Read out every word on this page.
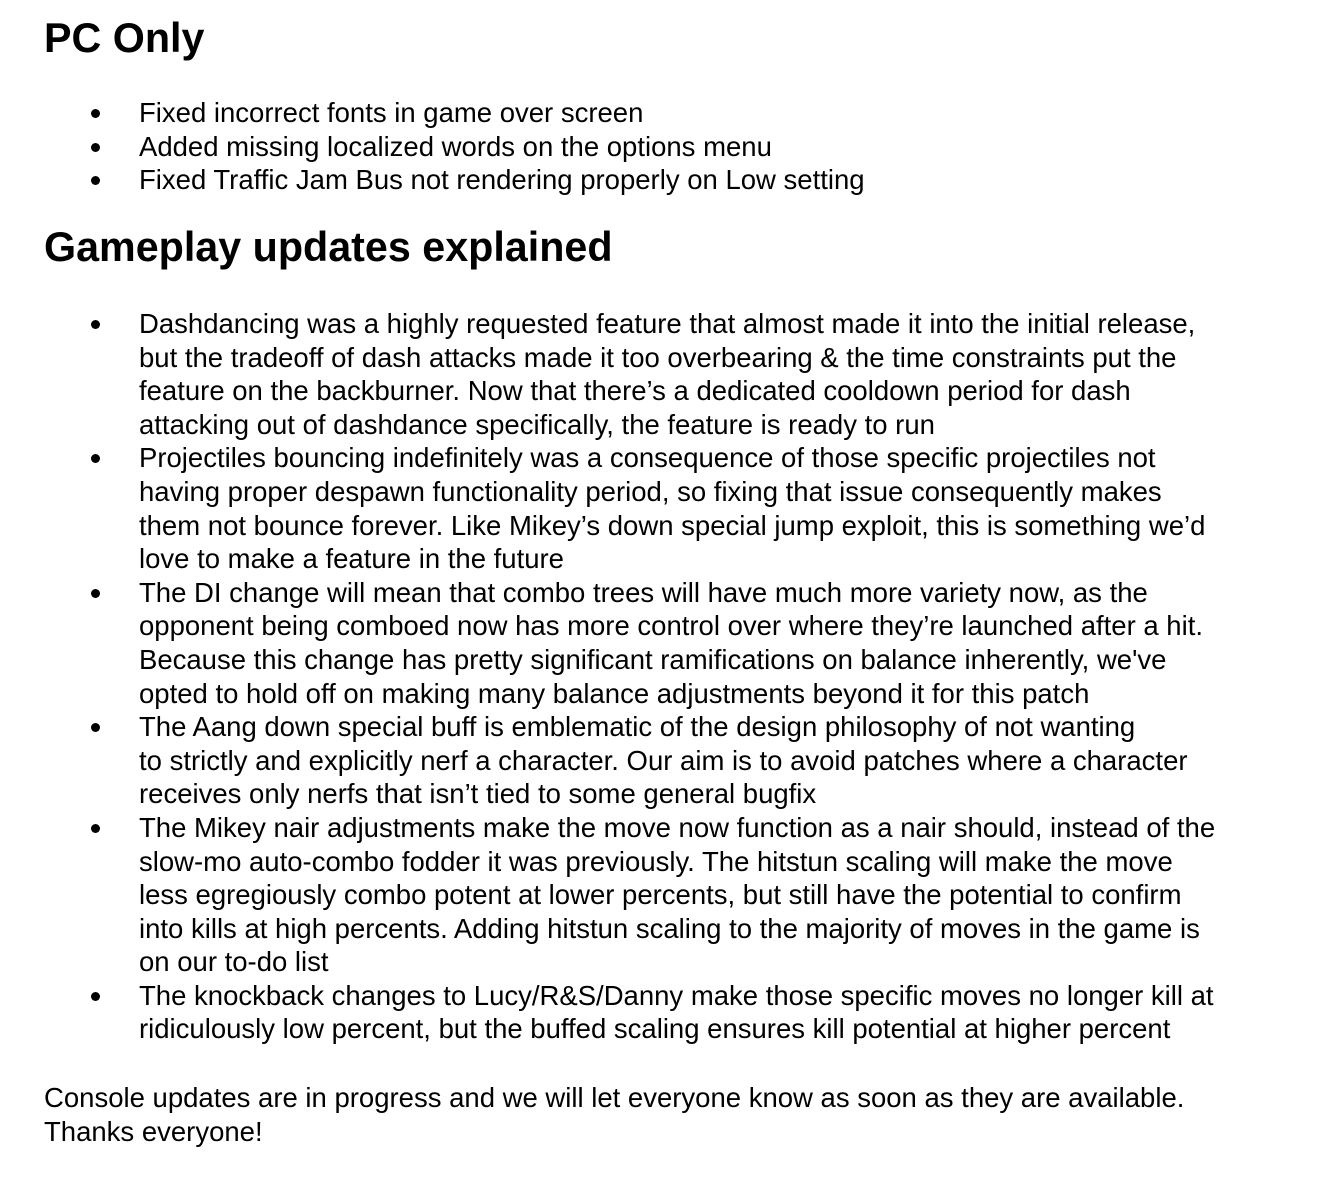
PC Only
Fixed incorrect fonts in game over screen
Added missing localized words on the options menu
Fixed Traffic Jam Bus not rendering properly on Low setting
Gameplay updates explained
Dashdancing was a highly requested feature that almost made it into the initial release,
but the tradeoff of dash attacks made it too overbearing & the time constraints put the
feature on the backburner. Now that there’s a dedicated cooldown period for dash
attacking out of dashdance specifically, the feature is ready to run
Projectiles bouncing indefinitely was a consequence of those specific projectiles not
having proper despawn functionality period, so fixing that issue consequently makes
them not bounce forever. Like Mikey’s down special jump exploit, this is something we’d
love to make a feature in the future
The DI change will mean that combo trees will have much more variety now, as the
opponent being comboed now has more control over where they’re launched after a hit.
Because this change has pretty significant ramifications on balance inherently, we've
opted to hold off on making many balance adjustments beyond it for this patch
The Aang down special buff is emblematic of the design philosophy of not wanting
to strictly and explicitly nerf a character. Our aim is to avoid patches where a character
receives only nerfs that isn’t tied to some general bugfix
The Mikey nair adjustments make the move now function as a nair should, instead of the
slow-mo auto-combo fodder it was previously. The hitstun scaling will make the move
less egregiously combo potent at lower percents, but still have the potential to confirm
into kills at high percents. Adding hitstun scaling to the majority of moves in the game is
on our to-do list
The knockback changes to Lucy/R&S/Danny make those specific moves no longer kill at
ridiculously low percent, but the buffed scaling ensures kill potential at higher percent

Console updates are in progress and we will let everyone know as soon as they are available.
Thanks everyone!
